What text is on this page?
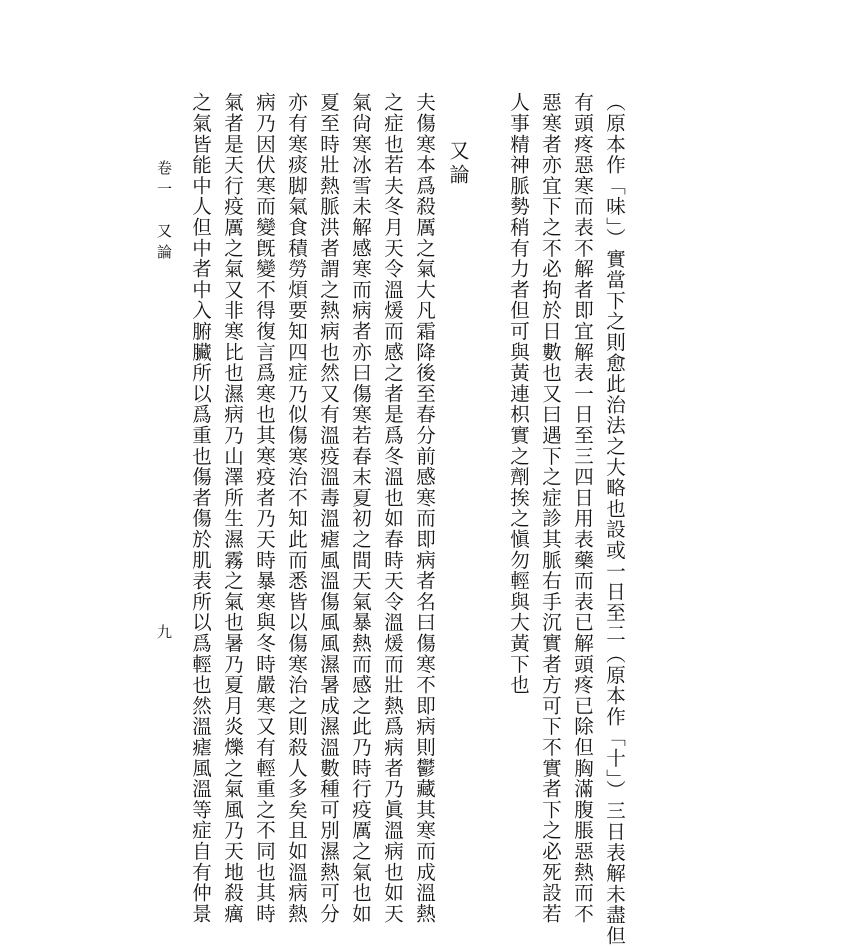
（原本作「味」）實當下之則愈此治法之大略也設或一日至二（原本作「十」）三日表解未盡但
有頭疼惡寒而表不解者即宜解表一日至三四日用表藥而表已解頭疼已除但胸滿腹脹惡熱而不
惡寒者亦宜下之不必拘於日數也又曰遇下之症診其脈右手沉實者方可下不實者下之必死設若
人事精神脈勢稍有力者但可與黃連枳實之劑挨之愼勿輕與大黃下也
又論
夫傷寒本爲殺厲之氣大凡霜降後至春分前感寒而即病者名曰傷寒不即病則鬱藏其寒而成溫熱
之症也若夫冬月天令溫煖而感之者是爲冬溫也如春時天令溫煖而壯熱爲病者乃眞溫病也如天
氣尙寒冰雪未解感寒而病者亦曰傷寒若春末夏初之間天氣暴熱而感之此乃時行疫厲之氣也如
夏至時壯熱脈洪者謂之熱病也然又有溫疫溫毒溫瘧風溫傷風風濕暑成濕溫數種可別濕熱可分
亦有寒痰脚氣食積勞煩要知四症乃似傷寒治不知此而悉皆以傷寒治之則殺人多矣且如溫病熱
病乃因伏寒而變旣變不得復言爲寒也其寒疫者乃天時暴寒與冬時嚴寒又有輕重之不同也其時
氣者是天行疫厲之氣又非寒比也濕病乃山澤所生濕霧之氣也暑乃夏月炎爍之氣風乃天地殺癘
之氣皆能中人但中者中入腑臟所以爲重也傷者傷於肌表所以爲輕也然溫瘧風溫等症自有仲景
卷一　又論
九
